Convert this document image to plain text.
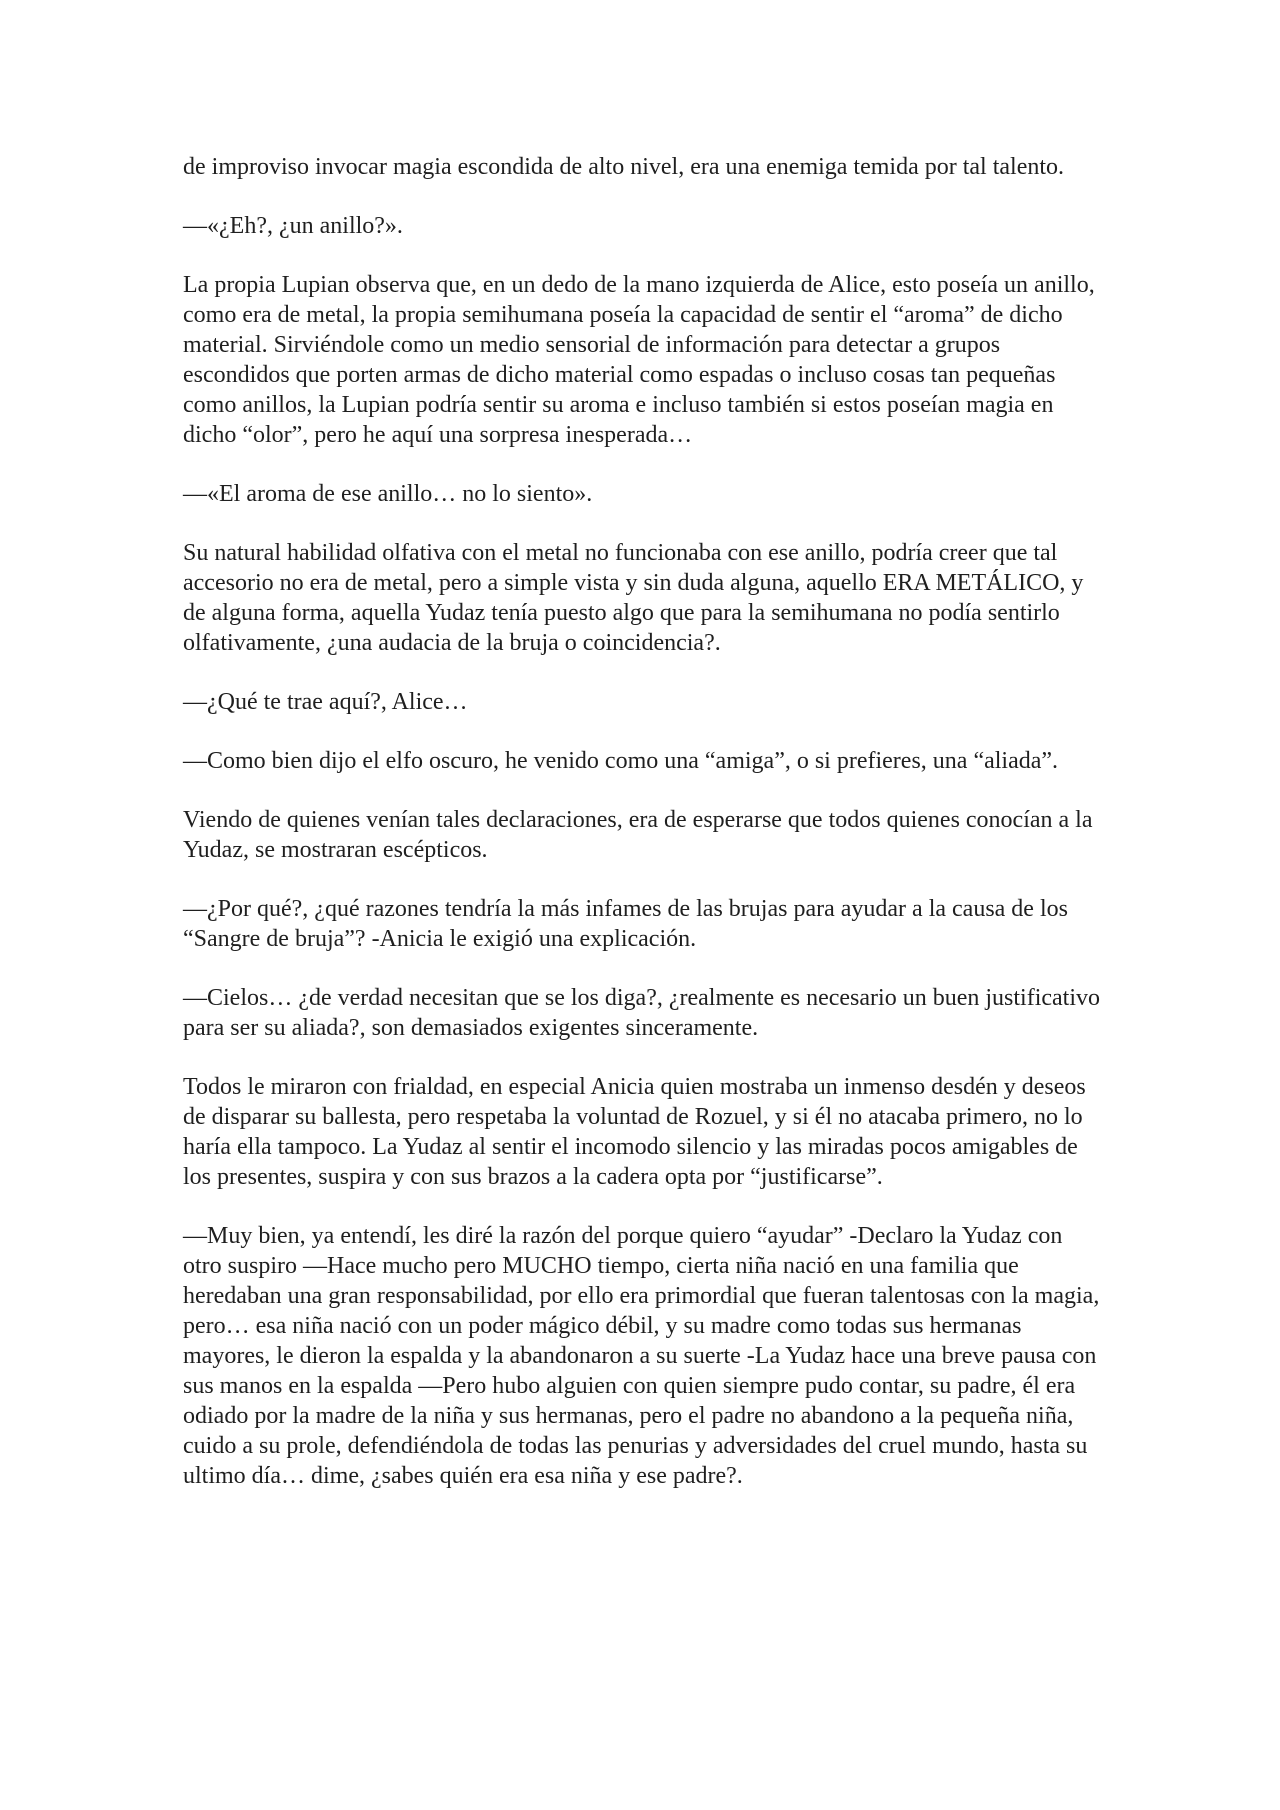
de improviso invocar magia escondida de alto nivel, era una enemiga temida por tal talento.

—«¿Eh?, ¿un anillo?».

La propia Lupian observa que, en un dedo de la mano izquierda de Alice, esto poseía un anillo, como era de metal, la propia semihumana poseía la capacidad de sentir el “aroma” de dicho material. Sirviéndole como un medio sensorial de información para detectar a grupos escondidos que porten armas de dicho material como espadas o incluso cosas tan pequeñas como anillos, la Lupian podría sentir su aroma e incluso también si estos poseían magia en dicho “olor”, pero he aquí una sorpresa inesperada…

—«El aroma de ese anillo… no lo siento».

Su natural habilidad olfativa con el metal no funcionaba con ese anillo, podría creer que tal accesorio no era de metal, pero a simple vista y sin duda alguna, aquello ERA METÁLICO, y de alguna forma, aquella Yudaz tenía puesto algo que para la semihumana no podía sentirlo olfativamente, ¿una audacia de la bruja o coincidencia?.

—¿Qué te trae aquí?, Alice…

—Como bien dijo el elfo oscuro, he venido como una “amiga”, o si prefieres, una “aliada”.

Viendo de quienes venían tales declaraciones, era de esperarse que todos quienes conocían a la Yudaz, se mostraran escépticos.

—¿Por qué?, ¿qué razones tendría la más infames de las brujas para ayudar a la causa de los “Sangre de bruja”? -Anicia le exigió una explicación.

—Cielos… ¿de verdad necesitan que se los diga?, ¿realmente es necesario un buen justificativo para ser su aliada?, son demasiados exigentes sinceramente.

Todos le miraron con frialdad, en especial Anicia quien mostraba un inmenso desdén y deseos de disparar su ballesta, pero respetaba la voluntad de Rozuel, y si él no atacaba primero, no lo haría ella tampoco. La Yudaz al sentir el incomodo silencio y las miradas pocos amigables de los presentes, suspira y con sus brazos a la cadera opta por “justificarse”.

—Muy bien, ya entendí, les diré la razón del porque quiero “ayudar” -Declaro la Yudaz con otro suspiro —Hace mucho pero MUCHO tiempo, cierta niña nació en una familia que heredaban una gran responsabilidad, por ello era primordial que fueran talentosas con la magia, pero… esa niña nació con un poder mágico débil, y su madre como todas sus hermanas mayores, le dieron la espalda y la abandonaron a su suerte -La Yudaz hace una breve pausa con sus manos en la espalda —Pero hubo alguien con quien siempre pudo contar, su padre, él era odiado por la madre de la niña y sus hermanas, pero el padre no abandono a la pequeña niña, cuido a su prole, defendiéndola de todas las penurias y adversidades del cruel mundo, hasta su ultimo día… dime, ¿sabes quién era esa niña y ese padre?.
